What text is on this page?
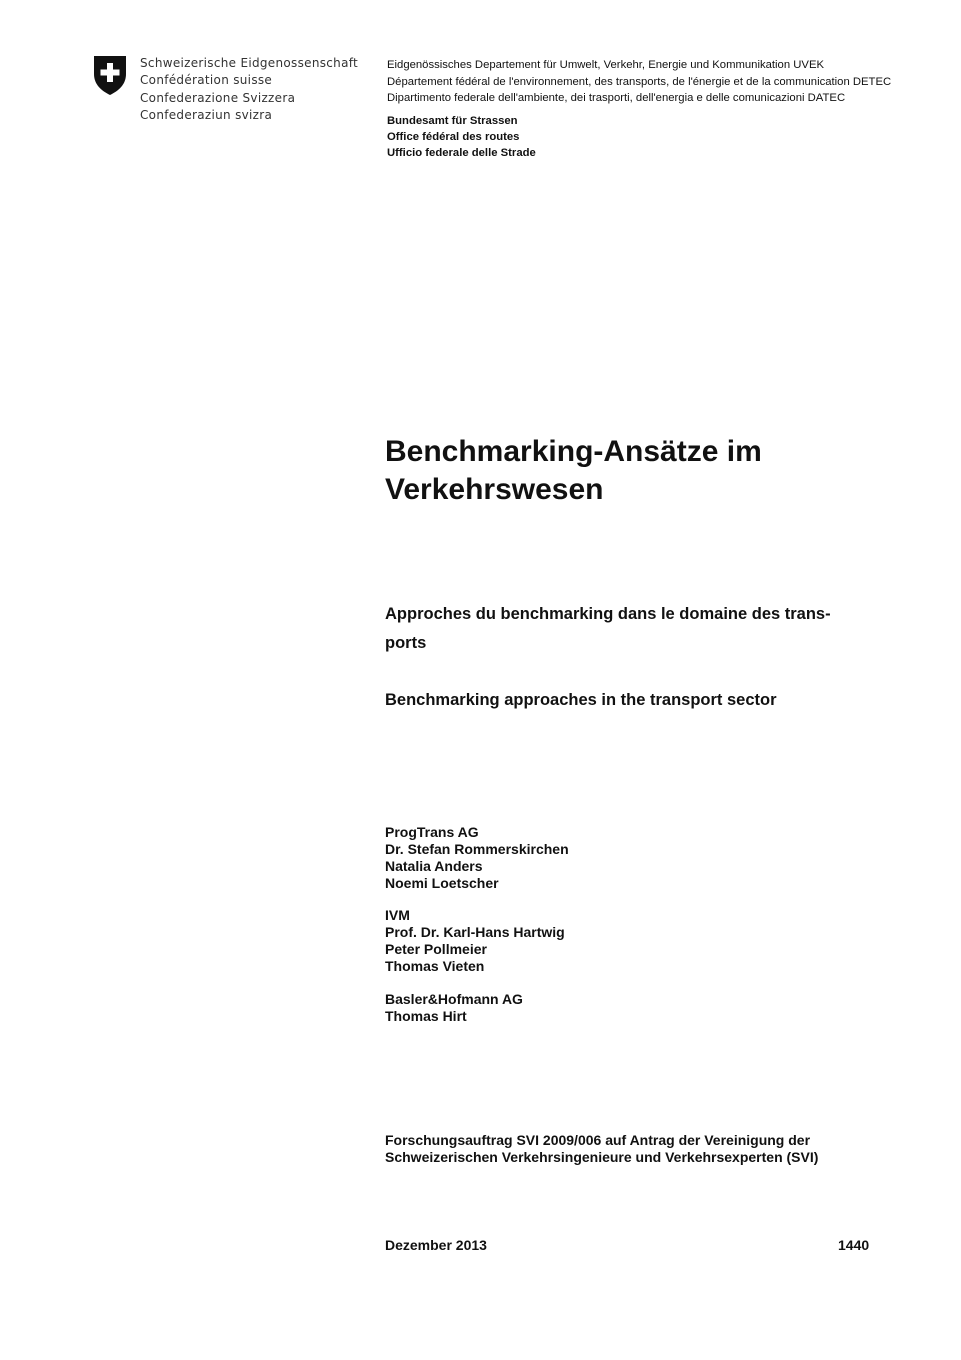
Schweizerische Eidgenossenschaft
Confédération suisse
Confederazione Svizzera
Confederaziun svizra
Eidgenössisches Departement für Umwelt, Verkehr, Energie und Kommunikation UVEK
Département fédéral de l'environnement, des transports, de l'énergie et de la communication DETEC
Dipartimento federale dell'ambiente, dei trasporti, dell'energia e delle comunicazioni DATEC
Bundesamt für Strassen
Office fédéral des routes
Ufficio federale delle Strade
Benchmarking-Ansätze im
Verkehrswesen
Approches du benchmarking dans le domaine des trans-
ports
Benchmarking approaches in the transport sector
ProgTrans AG
Dr. Stefan Rommerskirchen
Natalia Anders
Noemi Loetscher
IVM
Prof. Dr. Karl-Hans Hartwig
Peter Pollmeier
Thomas Vieten
Basler&Hofmann AG
Thomas Hirt
Forschungsauftrag SVI 2009/006 auf Antrag der Vereinigung der
Schweizerischen Verkehrsingenieure und Verkehrsexperten (SVI)
Dezember 2013	1440
